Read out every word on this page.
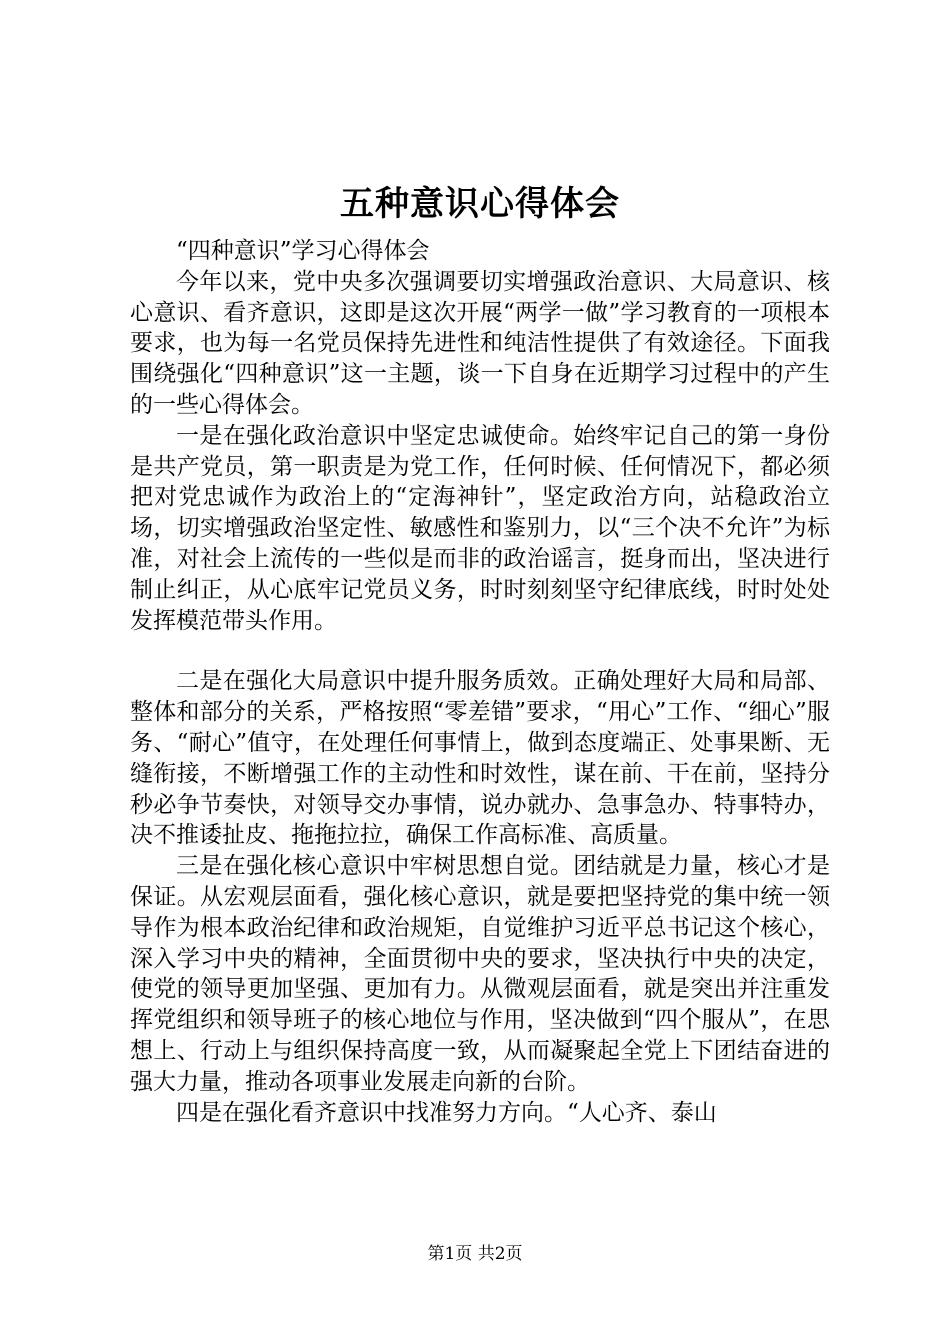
五种意识心得体会

“四种意识”学习心得体会

今年以来，党中央多次强调要切实增强政治意识、大局意识、核心意识、看齐意识，这即是这次开展“两学一做”学习教育的一项根本要求，也为每一名党员保持先进性和纯洁性提供了有效途径。下面我围绕强化“四种意识”这一主题，谈一下自身在近期学习过程中的产生的一些心得体会。

一是在强化政治意识中坚定忠诚使命。始终牢记自己的第一身份是共产党员，第一职责是为党工作，任何时候、任何情况下，都必须把对党忠诚作为政治上的“定海神针”，坚定政治方向，站稳政治立场，切实增强政治坚定性、敏感性和鉴别力，以“三个决不允许”为标准，对社会上流传的一些似是而非的政治谣言，挺身而出，坚决进行制止纠正，从心底牢记党员义务，时时刻刻坚守纪律底线，时时处处发挥模范带头作用。

二是在强化大局意识中提升服务质效。正确处理好大局和局部、整体和部分的关系，严格按照“零差错”要求，“用心”工作、“细心”服务、“耐心”值守，在处理任何事情上，做到态度端正、处事果断、无缝衔接，不断增强工作的主动性和时效性，谋在前、干在前，坚持分秒必争节奏快，对领导交办事情，说办就办、急事急办、特事特办，决不推诿扯皮、拖拖拉拉，确保工作高标准、高质量。

三是在强化核心意识中牢树思想自觉。团结就是力量，核心才是保证。从宏观层面看，强化核心意识，就是要把坚持党的集中统一领导作为根本政治纪律和政治规矩，自觉维护习近平总书记这个核心，深入学习中央的精神，全面贯彻中央的要求，坚决执行中央的决定，使党的领导更加坚强、更加有力。从微观层面看，就是突出并注重发挥党组织和领导班子的核心地位与作用，坚决做到“四个服从”，在思想上、行动上与组织保持高度一致，从而凝聚起全党上下团结奋进的强大力量，推动各项事业发展走向新的台阶。

四是在强化看齐意识中找准努力方向。“人心齐、泰山

第1页 共2页
